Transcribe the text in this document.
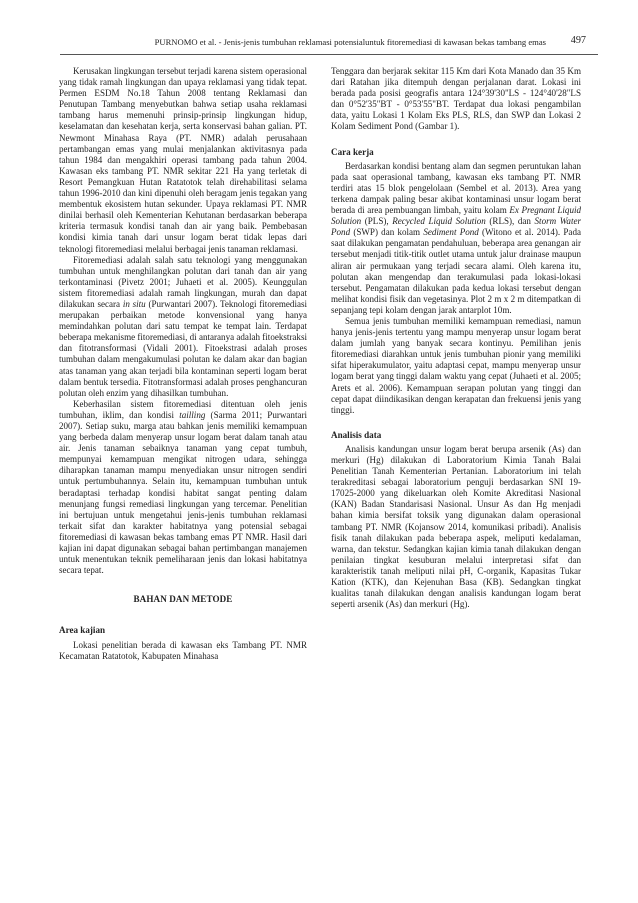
PURNOMO et al. - Jenis-jenis tumbuhan reklamasi potensialuntuk fitoremediasi di kawasan bekas tambang emas 497

Kerusakan lingkungan tersebut terjadi karena sistem operasional yang tidak ramah lingkungan dan upaya reklamasi yang tidak tepat. Permen ESDM No.18 Tahun 2008 tentang Reklamasi dan Penutupan Tambang menyebutkan bahwa setiap usaha reklamasi tambang harus memenuhi prinsip-prinsip lingkungan hidup, keselamatan dan kesehatan kerja, serta konservasi bahan galian. PT. Newmont Minahasa Raya (PT. NMR) adalah perusahaan pertambangan emas yang mulai menjalankan aktivitasnya pada tahun 1984 dan mengakhiri operasi tambang pada tahun 2004. Kawasan eks tambang PT. NMR sekitar 221 Ha yang terletak di Resort Pemangkuan Hutan Ratatotok telah direhabilitasi selama tahun 1996-2010 dan kini dipenuhi oleh beragam jenis tegakan yang membentuk ekosistem hutan sekunder. Upaya reklamasi PT. NMR dinilai berhasil oleh Kementerian Kehutanan berdasarkan beberapa kriteria termasuk kondisi tanah dan air yang baik. Pembebasan kondisi kimia tanah dari unsur logam berat tidak lepas dari teknologi fitoremediasi melalui berbagai jenis tanaman reklamasi.

Fitoremediasi adalah salah satu teknologi yang menggunakan tumbuhan untuk menghilangkan polutan dari tanah dan air yang terkontaminasi (Pivetz 2001; Juhaeti et al. 2005). Keunggulan sistem fitoremediasi adalah ramah lingkungan, murah dan dapat dilakukan secara in situ (Purwantari 2007). Teknologi fitoremediasi merupakan perbaikan metode konvensional yang hanya memindahkan polutan dari satu tempat ke tempat lain. Terdapat beberapa mekanisme fitoremediasi, di antaranya adalah fitoekstraksi dan fitotransformasi (Vidali 2001). Fitoekstrasi adalah proses tumbuhan dalam mengakumulasi polutan ke dalam akar dan bagian atas tanaman yang akan terjadi bila kontaminan seperti logam berat dalam bentuk tersedia. Fitotransformasi adalah proses penghancuran polutan oleh enzim yang dihasilkan tumbuhan.

Keberhasilan sistem fitoremediasi ditentuan oleh jenis tumbuhan, iklim, dan kondisi tailling (Sarma 2011; Purwantari 2007). Setiap suku, marga atau bahkan jenis memiliki kemampuan yang berbeda dalam menyerap unsur logam berat dalam tanah atau air. Jenis tanaman sebaiknya tanaman yang cepat tumbuh, mempunyai kemampuan mengikat nitrogen udara, sehingga diharapkan tanaman mampu menyediakan unsur nitrogen sendiri untuk pertumbuhannya. Selain itu, kemampuan tumbuhan untuk beradaptasi terhadap kondisi habitat sangat penting dalam menunjang fungsi remediasi lingkungan yang tercemar. Penelitian ini bertujuan untuk mengetahui jenis-jenis tumbuhan reklamasi terkait sifat dan karakter habitatnya yang potensial sebagai fitoremediasi di kawasan bekas tambang emas PT NMR. Hasil dari kajian ini dapat digunakan sebagai bahan pertimbangan manajemen untuk menentukan teknik pemeliharaan jenis dan lokasi habitatnya secara tepat.

BAHAN DAN METODE
Area kajian

Lokasi penelitian berada di kawasan eks Tambang PT. NMR Kecamatan Ratatotok, Kabupaten Minahasa

Tenggara dan berjarak sekitar 115 Km dari Kota Manado dan 35 Km dari Ratahan jika ditempuh dengan perjalanan darat. Lokasi ini berada pada posisi geografis antara 124°39'30"LS - 124°40'28"LS dan 0°52'35"BT - 0°53'55"BT. Terdapat dua lokasi pengambilan data, yaitu Lokasi 1 Kolam Eks PLS, RLS, dan SWP dan Lokasi 2 Kolam Sediment Pond (Gambar 1).

Cara kerja

Berdasarkan kondisi bentang alam dan segmen peruntukan lahan pada saat operasional tambang, kawasan eks tambang PT. NMR terdiri atas 15 blok pengelolaan (Sembel et al. 2013). Area yang terkena dampak paling besar akibat kontaminasi unsur logam berat berada di area pembuangan limbah, yaitu kolam Ex Pregnant Liquid Solution (PLS), Recycled Liquid Solution (RLS), dan Storm Water Pond (SWP) dan kolam Sediment Pond (Witono et al. 2014). Pada saat dilakukan pengamatan pendahuluan, beberapa area genangan air tersebut menjadi titik-titik outlet utama untuk jalur drainase maupun aliran air permukaan yang terjadi secara alami. Oleh karena itu, polutan akan mengendap dan terakumulasi pada lokasi-lokasi tersebut. Pengamatan dilakukan pada kedua lokasi tersebut dengan melihat kondisi fisik dan vegetasinya. Plot 2 m x 2 m ditempatkan di sepanjang tepi kolam dengan jarak antarplot 10m.

Semua jenis tumbuhan memiliki kemampuan remediasi, namun hanya jenis-jenis tertentu yang mampu menyerap unsur logam berat dalam jumlah yang banyak secara kontinyu. Pemilihan jenis fitoremediasi diarahkan untuk jenis tumbuhan pionir yang memiliki sifat hiperakumulator, yaitu adaptasi cepat, mampu menyerap unsur logam berat yang tinggi dalam waktu yang cepat (Juhaeti et al. 2005; Arets et al. 2006). Kemampuan serapan polutan yang tinggi dan cepat dapat diindikasikan dengan kerapatan dan frekuensi jenis yang tinggi.

Analisis data

Analisis kandungan unsur logam berat berupa arsenik (As) dan merkuri (Hg) dilakukan di Laboratorium Kimia Tanah Balai Penelitian Tanah Kementerian Pertanian. Laboratorium ini telah terakreditasi sebagai laboratorium penguji berdasarkan SNI 19-17025-2000 yang dikeluarkan oleh Komite Akreditasi Nasional (KAN) Badan Standarisasi Nasional. Unsur As dan Hg menjadi bahan kimia bersifat toksik yang digunakan dalam operasional tambang PT. NMR (Kojansow 2014, komunikasi pribadi). Analisis fisik tanah dilakukan pada beberapa aspek, meliputi kedalaman, warna, dan tekstur. Sedangkan kajian kimia tanah dilakukan dengan penilaian tingkat kesuburan melalui interpretasi sifat dan karakteristik tanah meliputi nilai pH, C-organik, Kapasitas Tukar Kation (KTK), dan Kejenuhan Basa (KB). Sedangkan tingkat kualitas tanah dilakukan dengan analisis kandungan logam berat seperti arsenik (As) dan merkuri (Hg).
